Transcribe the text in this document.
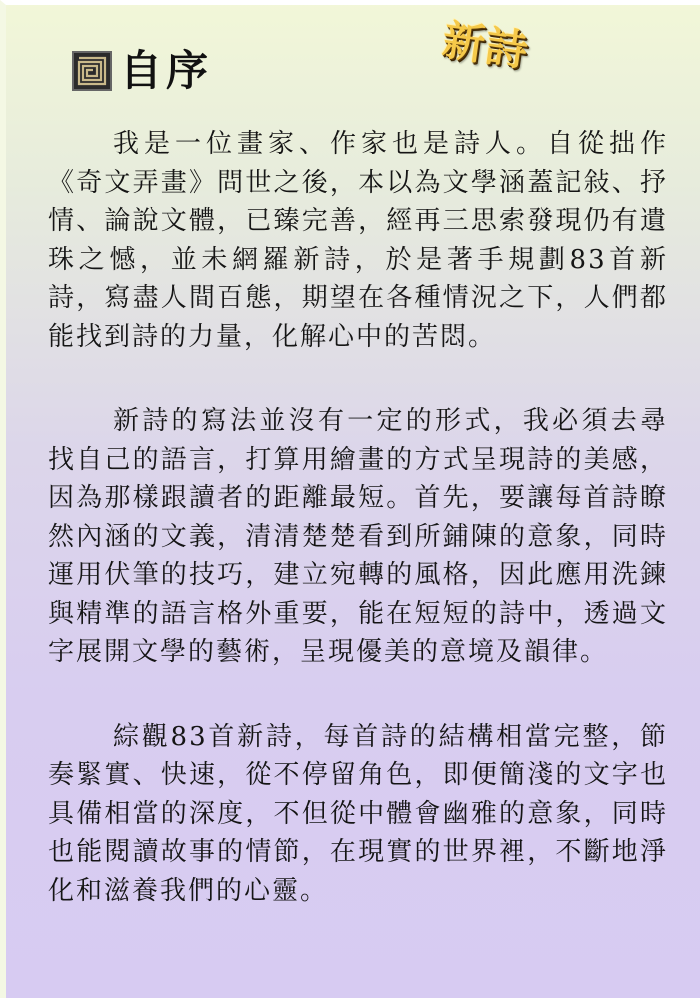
新詩
自序

我是一位畫家、作家也是詩人。自從拙作《奇文弄畫》問世之後，本以為文學涵蓋記敍、抒情、論說文體，已臻完善，經再三思索發現仍有遺珠之憾，並未網羅新詩，於是著手規劃83首新詩，寫盡人間百態，期望在各種情況之下，人們都能找到詩的力量，化解心中的苦悶。

新詩的寫法並沒有一定的形式，我必須去尋找自己的語言，打算用繪畫的方式呈現詩的美感，因為那樣跟讀者的距離最短。首先，要讓每首詩瞭然內涵的文義，清清楚楚看到所鋪陳的意象，同時運用伏筆的技巧，建立宛轉的風格，因此應用洗鍊與精準的語言格外重要，能在短短的詩中，透過文字展開文學的藝術，呈現優美的意境及韻律。

綜觀83首新詩，每首詩的結構相當完整，節奏緊實、快速，從不停留角色，即便簡淺的文字也具備相當的深度，不但從中體會幽雅的意象，同時也能閱讀故事的情節，在現實的世界裡，不斷地淨化和滋養我們的心靈。
